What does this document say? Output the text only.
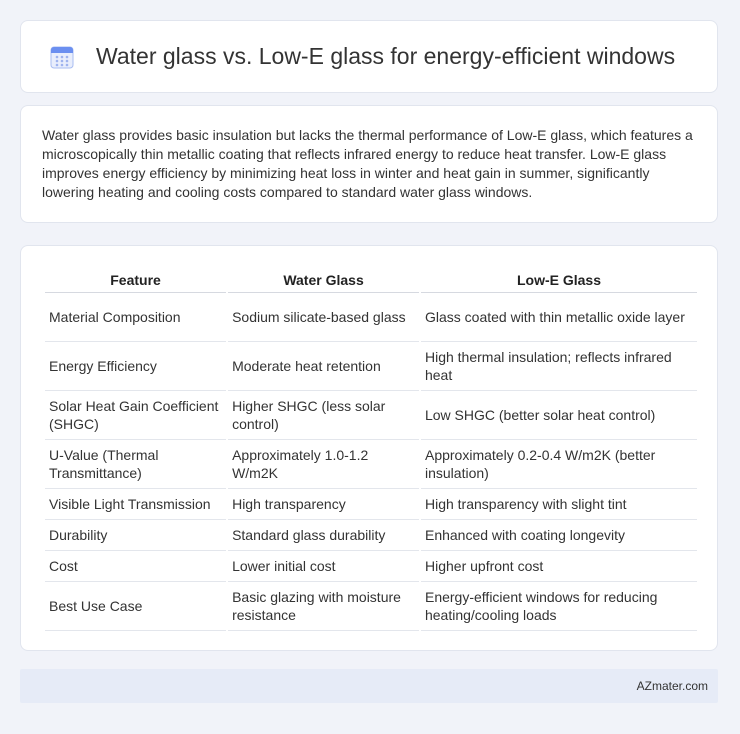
Water glass vs. Low-E glass for energy-efficient windows

Water glass provides basic insulation but lacks the thermal performance of Low-E glass, which features a microscopically thin metallic coating that reflects infrared energy to reduce heat transfer. Low-E glass improves energy efficiency by minimizing heat loss in winter and heat gain in summer, significantly lowering heating and cooling costs compared to standard water glass windows.

Feature	Water Glass	Low-E Glass
Material Composition	Sodium silicate-based glass	Glass coated with thin metallic oxide layer
Energy Efficiency	Moderate heat retention	High thermal insulation; reflects infrared heat
Solar Heat Gain Coefficient (SHGC)	Higher SHGC (less solar control)	Low SHGC (better solar heat control)
U-Value (Thermal Transmittance)	Approximately 1.0-1.2 W/m2K	Approximately 0.2-0.4 W/m2K (better insulation)
Visible Light Transmission	High transparency	High transparency with slight tint
Durability	Standard glass durability	Enhanced with coating longevity
Cost	Lower initial cost	Higher upfront cost
Best Use Case	Basic glazing with moisture resistance	Energy-efficient windows for reducing heating/cooling loads
AZmater.com
